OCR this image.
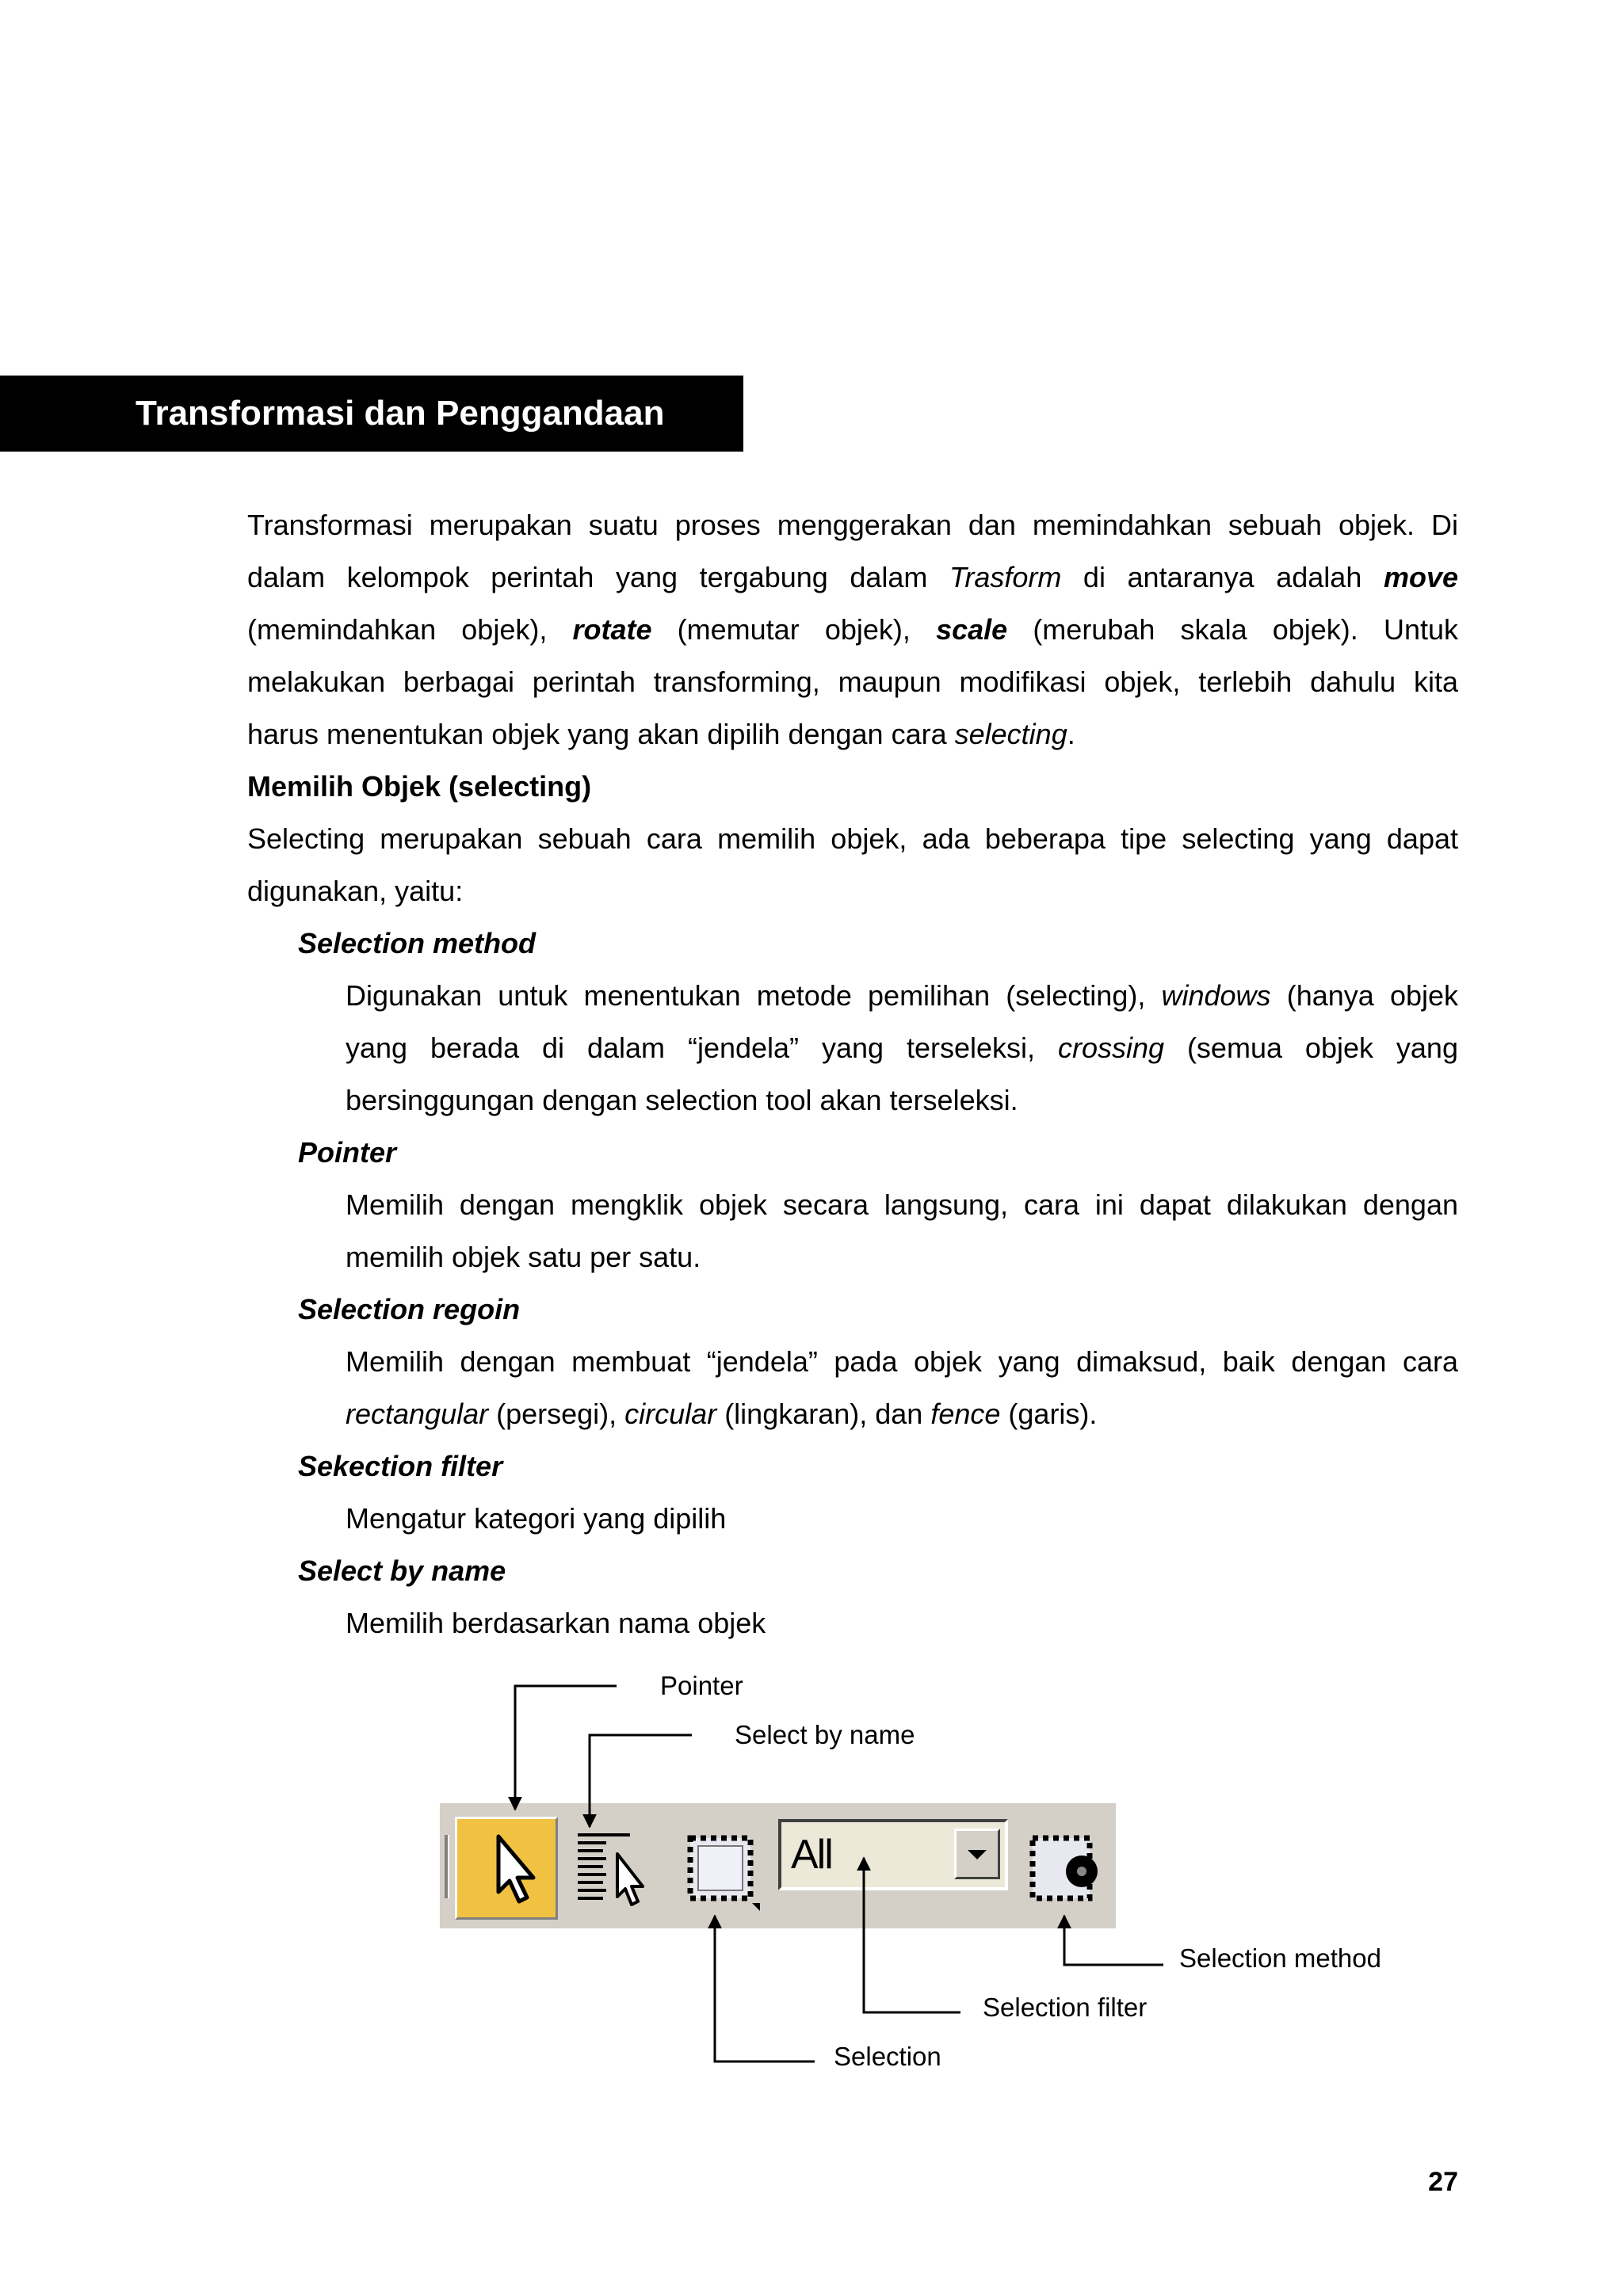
Transformasi dan Penggandaan

Transformasi merupakan suatu proses menggerakan dan memindahkan sebuah objek. Di

dalam kelompok perintah yang tergabung dalam Trasform di antaranya adalah move

(memindahkan objek), rotate (memutar objek), scale (merubah skala objek). Untuk

melakukan berbagai perintah transforming, maupun modifikasi objek, terlebih dahulu kita

harus menentukan objek yang akan dipilih dengan cara selecting.

Memilih Objek (selecting)

Selecting merupakan sebuah cara memilih objek, ada beberapa tipe selecting yang dapat

digunakan, yaitu:

Selection method

Digunakan untuk menentukan metode pemilihan (selecting), windows (hanya objek

yang berada di dalam “jendela” yang terseleksi, crossing (semua objek yang

bersinggungan dengan selection tool akan terseleksi.

Pointer

Memilih dengan mengklik objek secara langsung, cara ini dapat dilakukan dengan

memilih objek satu per satu.

Selection regoin

Memilih dengan membuat “jendela” pada objek yang dimaksud, baik dengan cara

rectangular (persegi), circular (lingkaran), dan fence (garis).

Sekection filter

Mengatur kategori yang dipilih

Select by name

Memilih berdasarkan nama objek

All
Pointer
Select by name
Selection method
Selection filter
Selection
27
